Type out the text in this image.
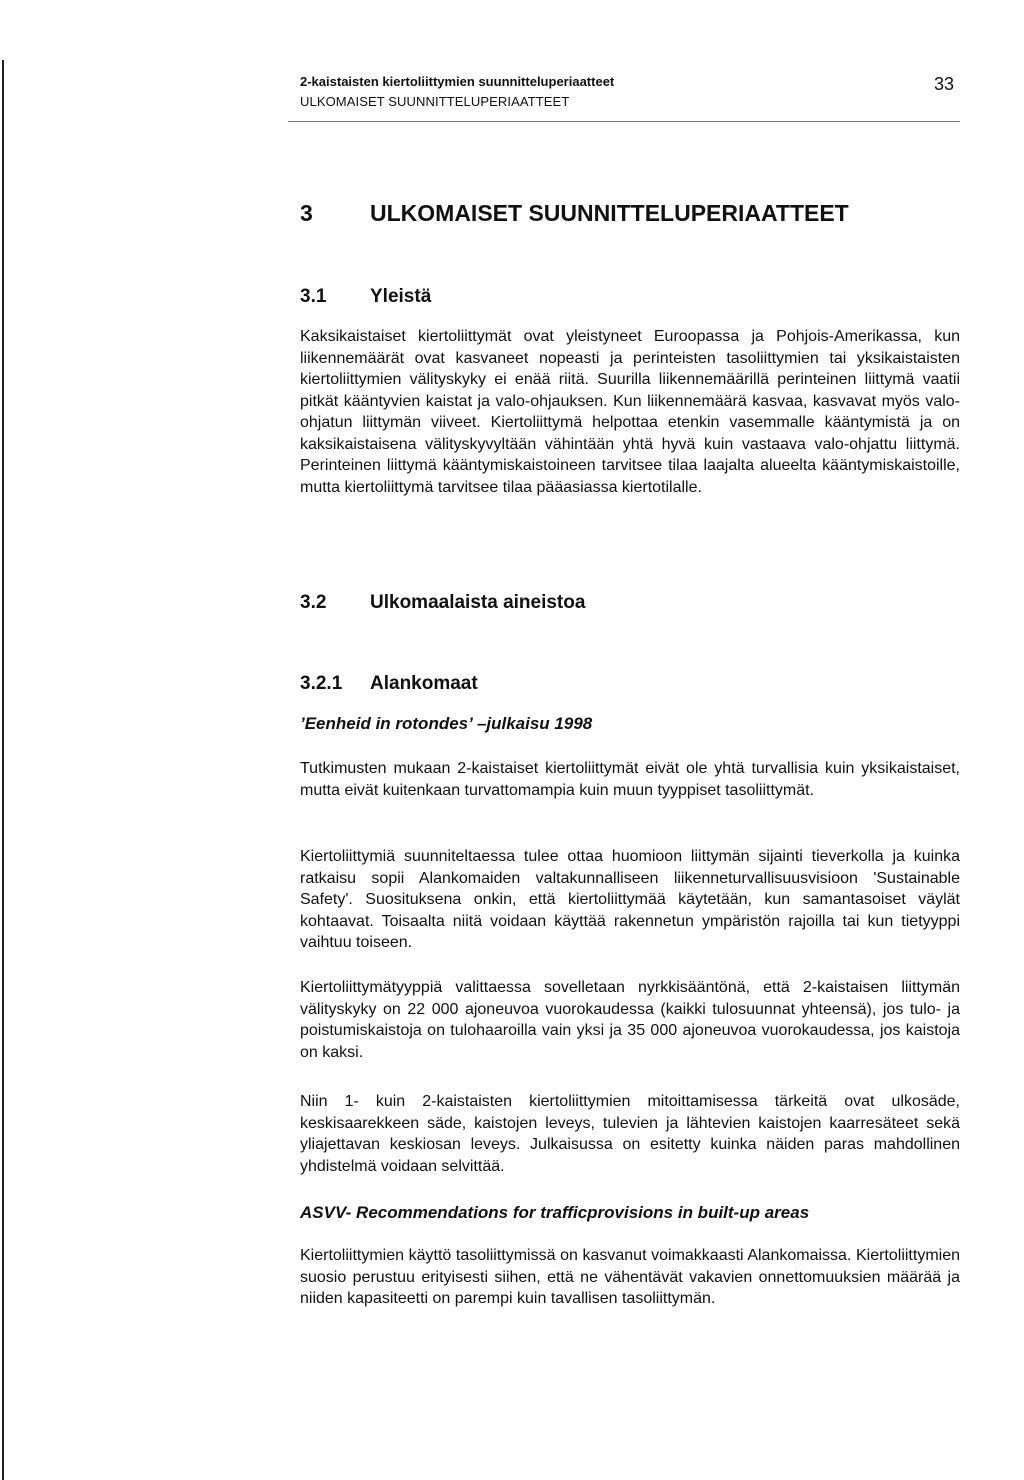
2-kaistaisten kiertoliittymien suunnitteluperiaatteet
ULKOMAISET SUUNNITTELUPERIAATTEET
33
3	ULKOMAISET SUUNNITTELUPERIAATTEET
3.1	Yleistä

Kaksikaistaiset kiertoliittymät ovat yleistyneet Euroopassa ja Pohjois-Amerikassa, kun liikennemäärät ovat kasvaneet nopeasti ja perinteisten tasoliittymien tai yksikaistaisten kiertoliittymien välityskyky ei enää riitä. Suurilla liikennemäärillä perinteinen liittymä vaatii pitkät kääntyvien kaistat ja valo-ohjauksen. Kun liikennemäärä kasvaa, kasvavat myös valo-ohjatun liittymän viiveet. Kiertoliittymä helpottaa etenkin vasemmalle kääntymistä ja on kaksikaistaisena välityskyvyltään vähintään yhtä hyvä kuin vastaava valo-ohjattu liittymä. Perinteinen liittymä kääntymiskaistoineen tarvitsee tilaa laajalta alueelta kääntymiskaistoille, mutta kiertoliittymä tarvitsee tilaa pääasiassa kiertotilalle.

3.2	Ulkomaalaista aineistoa
3.2.1	Alankomaat
’Eenheid in rotondes’ –julkaisu 1998

Tutkimusten mukaan 2-kaistaiset kiertoliittymät eivät ole yhtä turvallisia kuin yksikaistaiset, mutta eivät kuitenkaan turvattomampia kuin muun tyyppiset tasoliittymät.

Kiertoliittymiä suunniteltaessa tulee ottaa huomioon liittymän sijainti tieverkolla ja kuinka ratkaisu sopii Alankomaiden valtakunnalliseen liikenneturvallisuusvisioon 'Sustainable Safety'. Suosituksena onkin, että kiertoliittymää käytetään, kun samantasoiset väylät kohtaavat. Toisaalta niitä voidaan käyttää rakennetun ympäristön rajoilla tai kun tietyyppi vaihtuu toiseen.

Kiertoliittymätyyppiä valittaessa sovelletaan nyrkkisääntönä, että 2-kaistaisen liittymän välityskyky on 22 000 ajoneuvoa vuorokaudessa (kaikki tulosuunnat yhteensä), jos tulo- ja poistumiskaistoja on tulohaaroilla vain yksi ja 35 000 ajoneuvoa vuorokaudessa, jos kaistoja on kaksi.

Niin 1- kuin 2-kaistaisten kiertoliittymien mitoittamisessa tärkeitä ovat ulkosäde, keskisaarekkeen säde, kaistojen leveys, tulevien ja lähtevien kaistojen kaarresäteet sekä yliajettavan keskiosan leveys. Julkaisussa on esitetty kuinka näiden paras mahdollinen yhdistelmä voidaan selvittää.

ASVV- Recommendations for trafficprovisions in built-up areas

Kiertoliittymien käyttö tasoliittymissä on kasvanut voimakkaasti Alankomaissa. Kiertoliittymien suosio perustuu erityisesti siihen, että ne vähentävät vakavien onnettomuuksien määrää ja niiden kapasiteetti on parempi kuin tavallisen tasoliittymän.
